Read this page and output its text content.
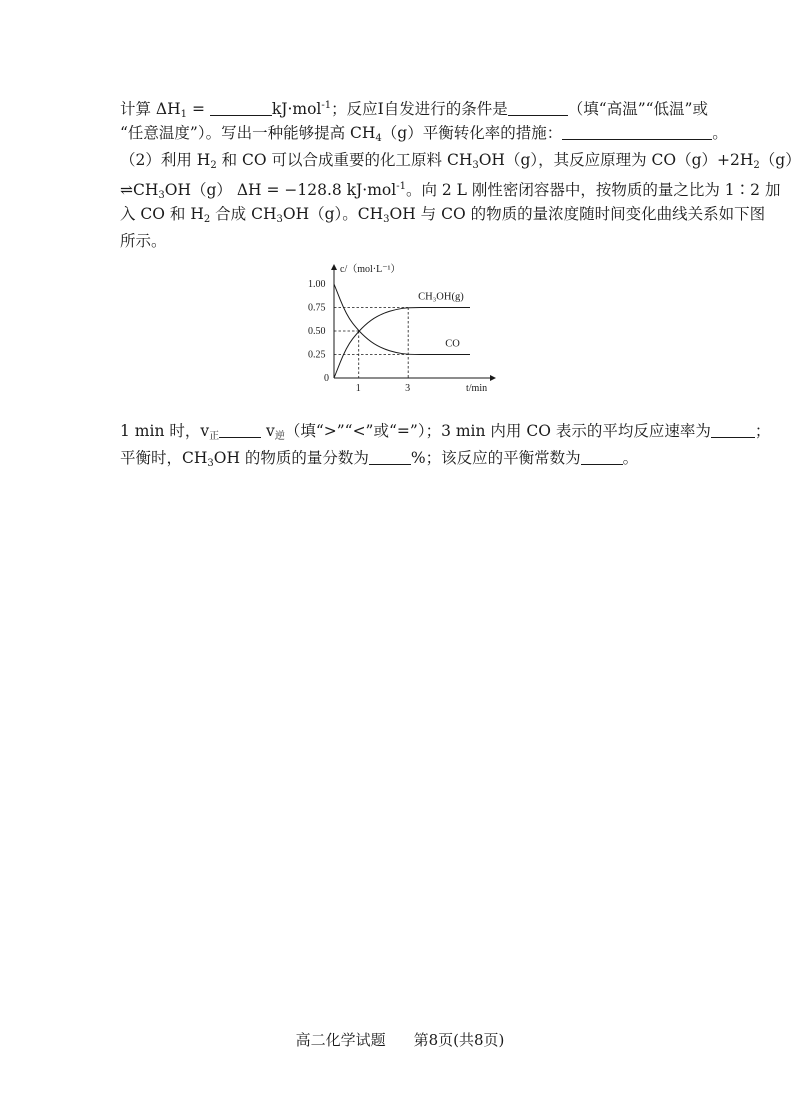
计算 $\Delta H_1$ =	kJ·mol$^{-1}$；反应Ⅰ自发进行的条件是	（填“高温”“低温”或
“任意温度”）。写出一种能够提高 $CH_4(g)$平衡转化率的措施：	。
（2）利用 $H_2$ 和 CO 可以合成重要的化工原料 $CH_3OH(g)$，其反应原理为 $CO(g)+2H_2(g)$
$\rightleftharpoons CH_3OH(g) \Delta H = -128.8$ kJ·mol$^{-1}$。向 2 L 刚性密闭容器中，按物质的量之比为 1∶2 加
入 CO 和 $H_2$ 合成 $CH_3OH(g)$。$CH_3OH$ 与 CO 的物质的量浓度随时间变化曲线关系如下图
所示。
c/（mol·L⁻¹）
t/min
0
1.00
0.75
0.50
0.25
1	3
CH₃OH(g)
CO
1 min 时，$v_正$	$v_逆$（填“>”“<”或“=”）；3 min 内用 CO 表示的平均反应速率为	；
平衡时，$CH_3OH$ 的物质的量分数为	%；该反应的平衡常数为	。
高二化学试题 第8页(共8页)
